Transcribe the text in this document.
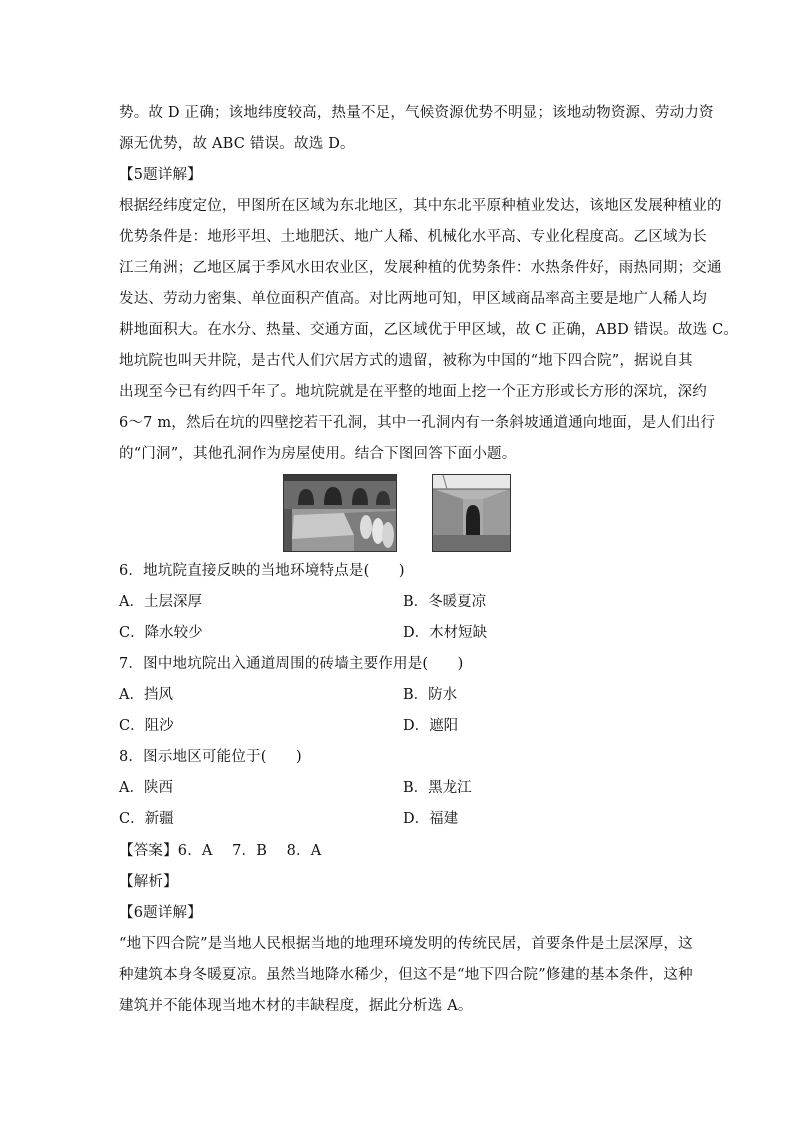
势。故 D 正确；该地纬度较高，热量不足，气候资源优势不明显；该地动物资源、劳动力资
源无优势，故 ABC 错误。故选 D。
【5题详解】
根据经纬度定位，甲图所在区域为东北地区，其中东北平原种植业发达，该地区发展种植业的
优势条件是：地形平坦、土地肥沃、地广人稀、机械化水平高、专业化程度高。乙区域为长
江三角洲；乙地区属于季风水田农业区，发展种植的优势条件：水热条件好，雨热同期；交通
发达、劳动力密集、单位面积产值高。对比两地可知，甲区域商品率高主要是地广人稀人均
耕地面积大。在水分、热量、交通方面，乙区域优于甲区域，故 C 正确，ABD 错误。故选 C。
地坑院也叫天井院，是古代人们穴居方式的遗留，被称为中国的“地下四合院”，据说自其
出现至今已有约四千年了。地坑院就是在平整的地面上挖一个正方形或长方形的深坑，深约
6～7 m，然后在坑的四壁挖若干孔洞，其中一孔洞内有一条斜坡通道通向地面，是人们出行
的“门洞”，其他孔洞作为房屋使用。结合下图回答下面小题。
6．地坑院直接反映的当地环境特点是(　　)
A．土层深厚	B．冬暖夏凉
C．降水较少	D．木材短缺
7．图中地坑院出入通道周围的砖墙主要作用是(　　)
A．挡风	B．防水
C．阻沙	D．遮阳
8．图示地区可能位于(　　)
A．陕西	B．黑龙江
C．新疆	D．福建
【答案】6．A　 7．B　 8．A
【解析】
【6题详解】
“地下四合院”是当地人民根据当地的地理环境发明的传统民居，首要条件是土层深厚，这
种建筑本身冬暖夏凉。虽然当地降水稀少，但这不是“地下四合院”修建的基本条件，这种
建筑并不能体现当地木材的丰缺程度，据此分析选 A。
